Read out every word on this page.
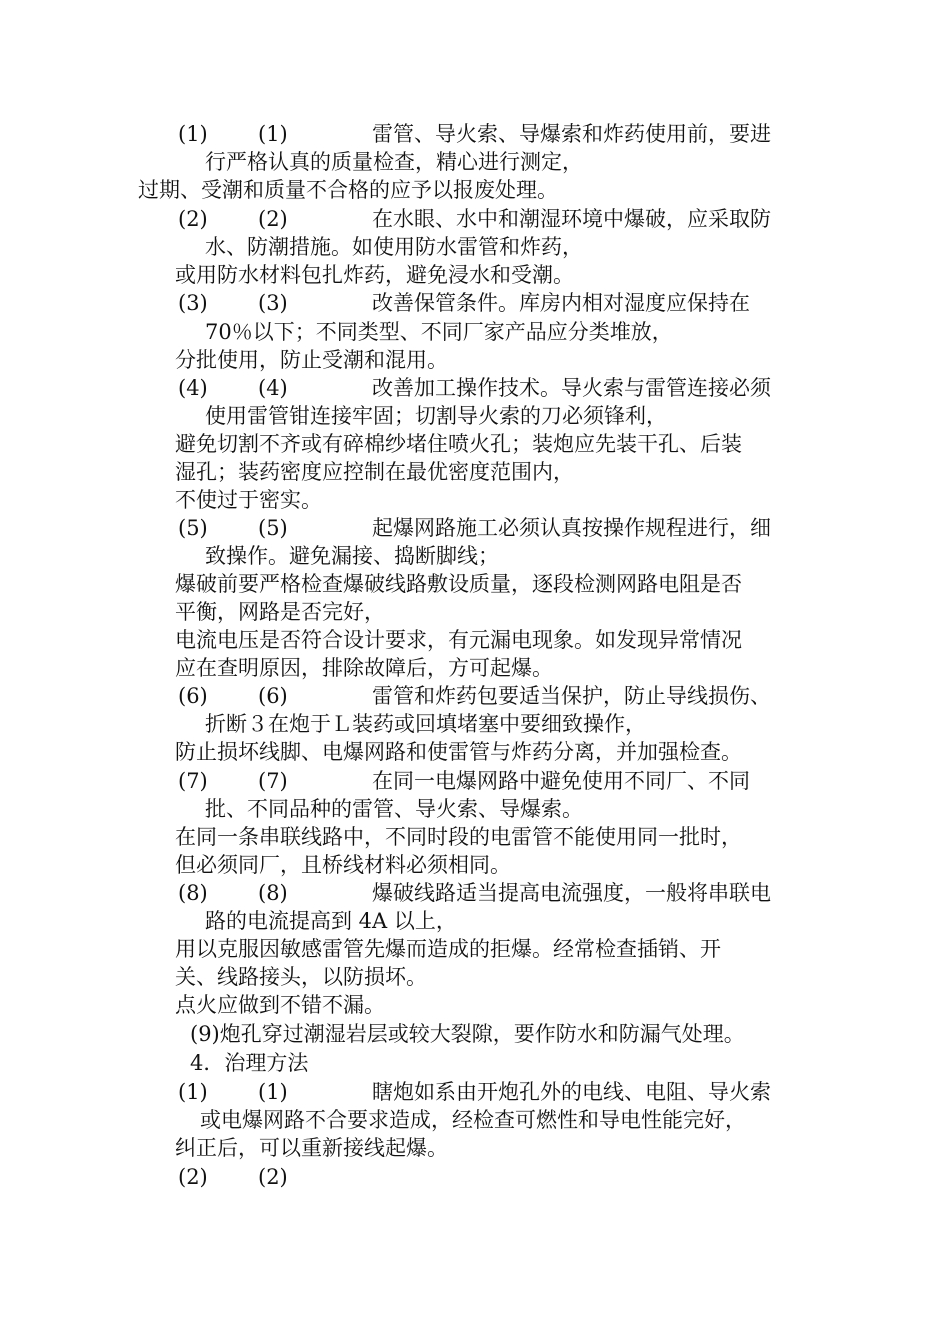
(1) (1)	雷管、导火索、导爆索和炸药使用前，要进
行严格认真的质量检查，精心进行测定，
过期、受潮和质量不合格的应予以报废处理。
(2) (2)	在水眼、水中和潮湿环境中爆破，应采取防
水、防潮措施。如使用防水雷管和炸药，
或用防水材料包扎炸药，避免浸水和受潮。
(3) (3)	改善保管条件。库房内相对湿度应保持在
70％以下；不同类型、不同厂家产品应分类堆放，
分批使用，防止受潮和混用。
(4) (4)	改善加工操作技术。导火索与雷管连接必须
使用雷管钳连接牢固；切割导火索的刀必须锋利，
避免切割不齐或有碎棉纱堵住喷火孔；装炮应先装干孔、后装
湿孔；装药密度应控制在最优密度范围内，
不使过于密实。
(5) (5)	起爆网路施工必须认真按操作规程进行，细
致操作。避免漏接、捣断脚线；
爆破前要严格检查爆破线路敷设质量，逐段检测网路电阻是否
平衡，网路是否完好，
电流电压是否符合设计要求，有元漏电现象。如发现异常情况
应在查明原因，排除故障后，方可起爆。
(6) (6)	雷管和炸药包要适当保护，防止导线损伤、
折断３在炮于Ｌ装药或回填堵塞中要细致操作，
防止损坏线脚、电爆网路和使雷管与炸药分离，并加强检查。
(7) (7)	在同一电爆网路中避免使用不同厂、不同
批、不同品种的雷管、导火索、导爆索。
在同一条串联线路中，不同时段的电雷管不能使用同一批时，
但必须同厂，且桥线材料必须相同。
(8) (8)	爆破线路适当提高电流强度，一般将串联电
路的电流提高到 4A 以上，
用以克服因敏感雷管先爆而造成的拒爆。经常检查插销、开
关、线路接头，以防损坏。
点火应做到不错不漏。
(9)炮孔穿过潮湿岩层或较大裂隙，要作防水和防漏气处理。
4．治理方法
(1) (1)	瞎炮如系由开炮孔外的电线、电阻、导火索
或电爆网路不合要求造成，经检查可燃性和导电性能完好，
纠正后，可以重新接线起爆。
(2) (2)
